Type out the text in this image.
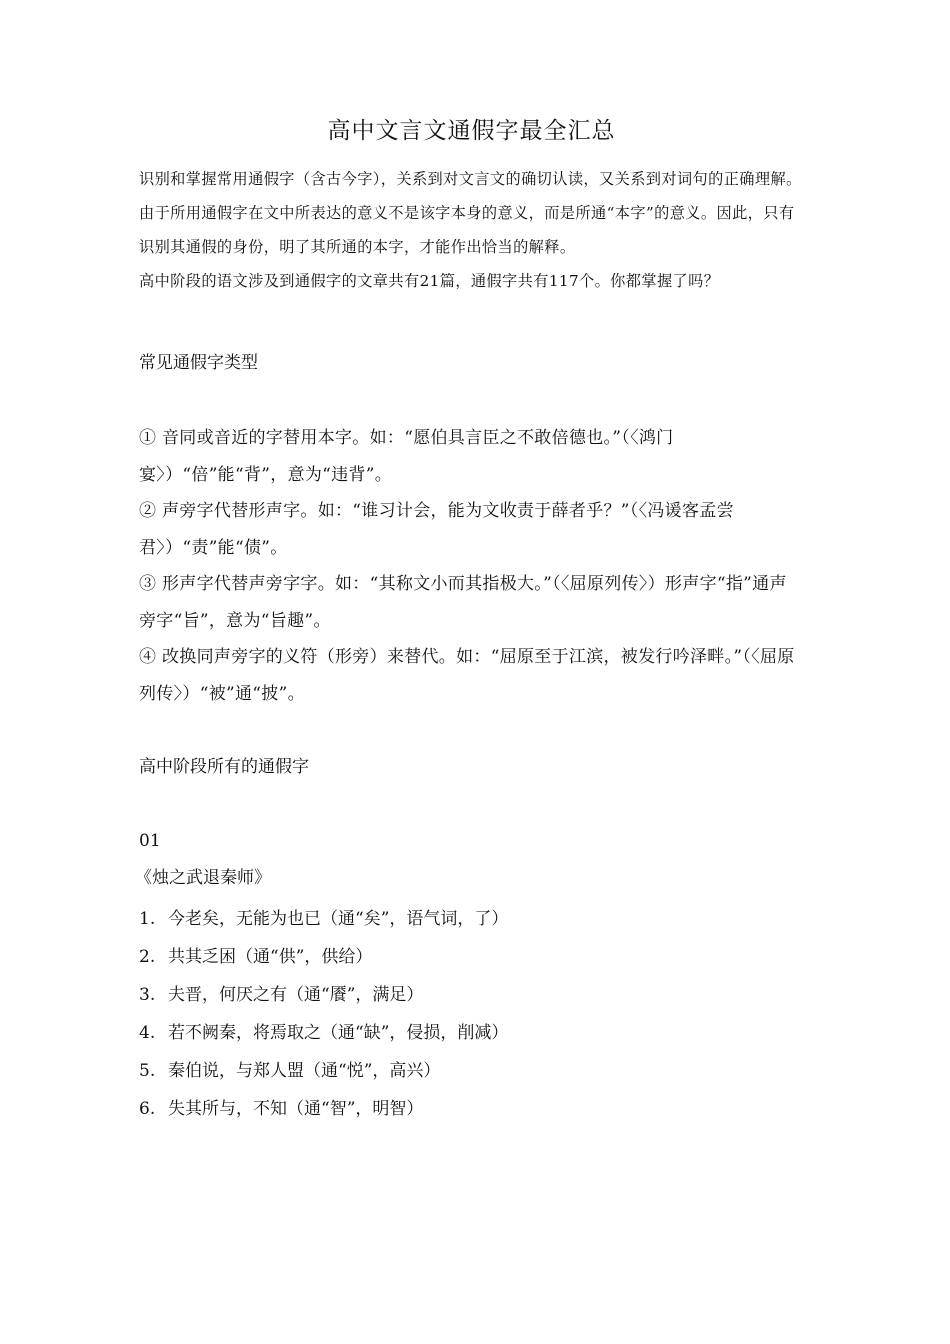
高中文言文通假字最全汇总

识别和掌握常用通假字（含古今字），关系到对文言文的确切认读，又关系到对词句的正确理解。由于所用通假字在文中所表达的意义不是该字本身的意义，而是所通“本字”的意义。因此，只有识别其通假的身份，明了其所通的本字，才能作出恰当的解释。

高中阶段的语文涉及到通假字的文章共有21篇，通假字共有117个。你都掌握了吗？

常见通假字类型

① 音同或音近的字替用本字。如：“愿伯具言臣之不敢倍德也。”（〈鸿门宴〉）“倍”能“背”，意为“违背”。

② 声旁字代替形声字。如：“谁习计会，能为文收责于薛者乎？”（〈冯谖客孟尝君〉）“责”能“债”。

③ 形声字代替声旁字字。如：“其称文小而其指极大。”（〈屈原列传〉）形声字“指”通声旁字“旨”，意为“旨趣”。

④ 改换同声旁字的义符（形旁）来替代。如：“屈原至于江滨，被发行吟泽畔。”（〈屈原列传〉）“被”通“披”。

高中阶段所有的通假字
01
《烛之武退秦师》
1. 今老矣，无能为也已（通“矣”，语气词，了）
2. 共其乏困（通“供”，供给）
3. 夫晋，何厌之有（通“餍”，满足）
4. 若不阙秦，将焉取之（通“缺”，侵损，削减）
5. 秦伯说，与郑人盟（通“悦”，高兴）
6. 失其所与，不知（通“智”，明智）
